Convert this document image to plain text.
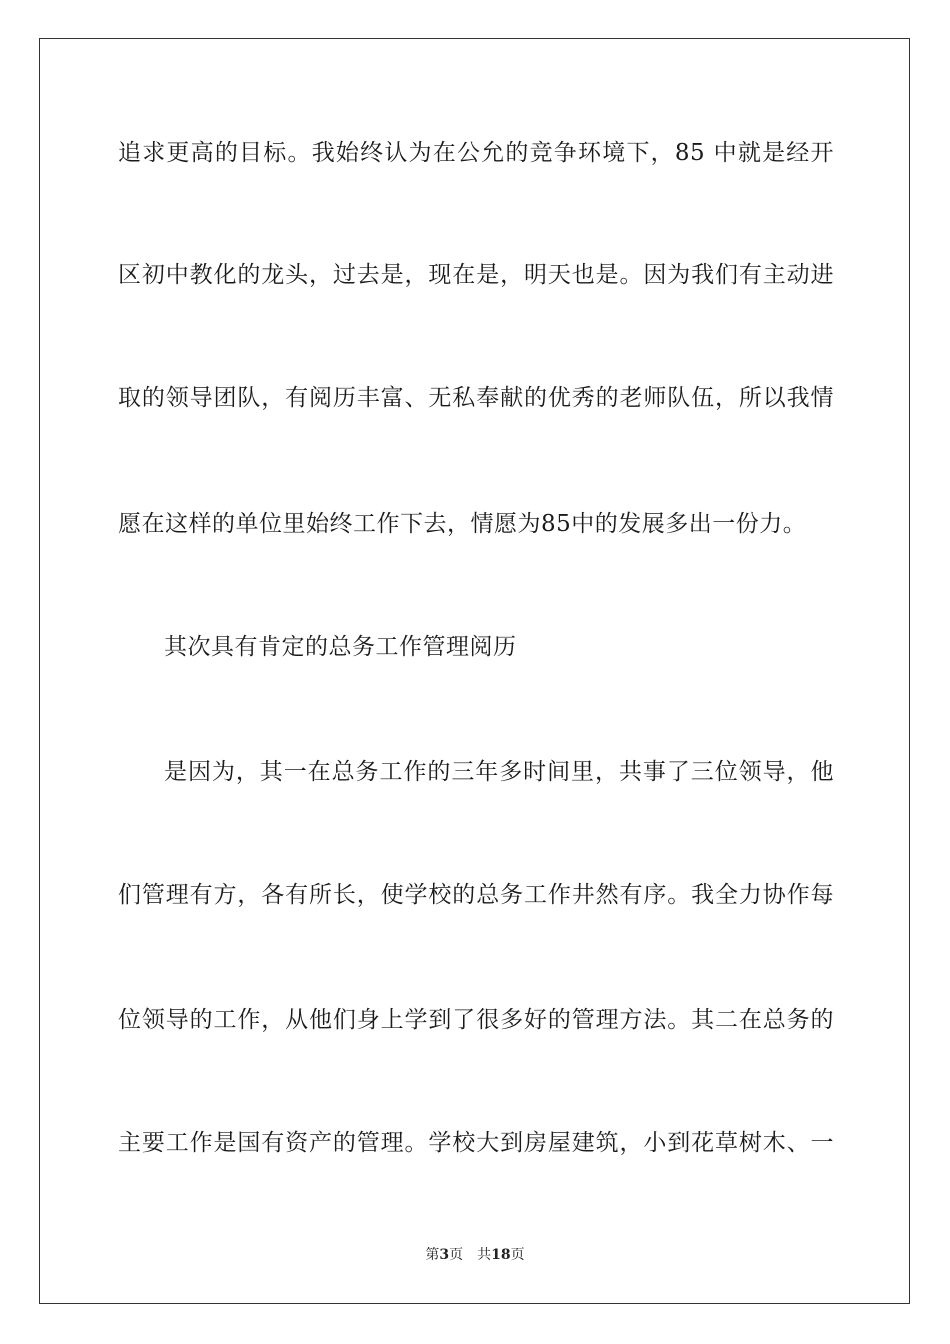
追求更高的目标。我始终认为在公允的竞争环境下，85 中就是经开
区初中教化的龙头，过去是，现在是，明天也是。因为我们有主动进
取的领导团队，有阅历丰富、无私奉献的优秀的老师队伍，所以我情
愿在这样的单位里始终工作下去，情愿为85中的发展多出一份力。
其次具有肯定的总务工作管理阅历
是因为，其一在总务工作的三年多时间里，共事了三位领导，他
们管理有方，各有所长，使学校的总务工作井然有序。我全力协作每
位领导的工作，从他们身上学到了很多好的管理方法。其二在总务的
主要工作是国有资产的管理。学校大到房屋建筑，小到花草树木、一
第3页 共18页
